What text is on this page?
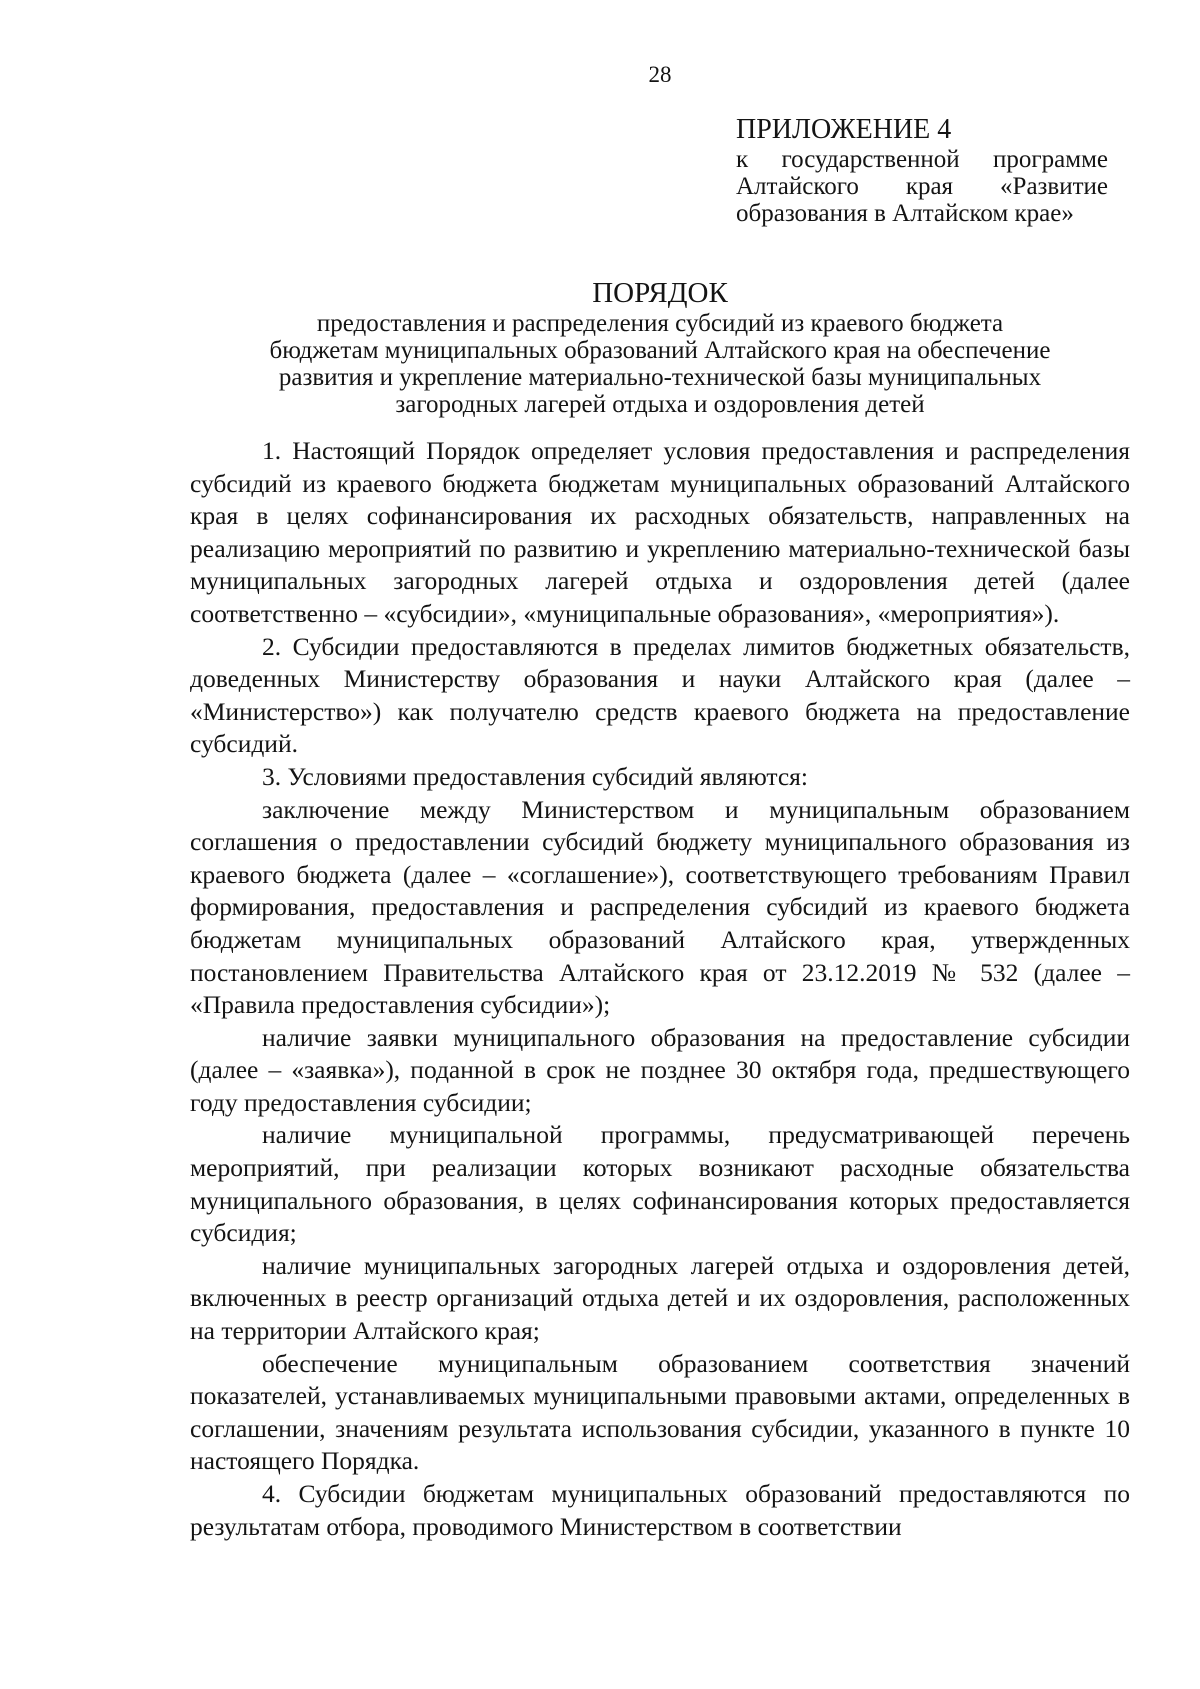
28
ПРИЛОЖЕНИЕ 4
к государственной программе
Алтайского края «Развитие
образования в Алтайском крае»
ПОРЯДОК
предоставления и распределения субсидий из краевого бюджета
бюджетам муниципальных образований Алтайского края на обеспечение
развития и укрепление материально-технической базы муниципальных
загородных лагерей отдыха и оздоровления детей

1. Настоящий Порядок определяет условия предоставления и распределения субсидий из краевого бюджета бюджетам муниципальных образований Алтайского края в целях софинансирования их расходных обязательств, направленных на реализацию мероприятий по развитию и укреплению материально-технической базы муниципальных загородных лагерей отдыха и оздоровления детей (далее соответственно – «субсидии», «муниципальные образования», «мероприятия»).

2. Субсидии предоставляются в пределах лимитов бюджетных обязательств, доведенных Министерству образования и науки Алтайского края (далее – «Министерство») как получателю средств краевого бюджета на предоставление субсидий.

3. Условиями предоставления субсидий являются:

заключение между Министерством и муниципальным образованием соглашения о предоставлении субсидий бюджету муниципального образования из краевого бюджета (далее – «соглашение»), соответствующего требованиям Правил формирования, предоставления и распределения субсидий из краевого бюджета бюджетам муниципальных образований Алтайского края, утвержденных постановлением Правительства Алтайского края от 23.12.2019 № 532 (далее – «Правила предоставления субсидии»);

наличие заявки муниципального образования на предоставление субсидии (далее – «заявка»), поданной в срок не позднее 30 октября года, предшествующего году предоставления субсидии;

наличие муниципальной программы, предусматривающей перечень мероприятий, при реализации которых возникают расходные обязательства муниципального образования, в целях софинансирования которых предоставляется субсидия;

наличие муниципальных загородных лагерей отдыха и оздоровления детей, включенных в реестр организаций отдыха детей и их оздоровления, расположенных на территории Алтайского края;

обеспечение муниципальным образованием соответствия значений показателей, устанавливаемых муниципальными правовыми актами, определенных в соглашении, значениям результата использования субсидии, указанного в пункте 10 настоящего Порядка.

4. Субсидии бюджетам муниципальных образований предоставляются по результатам отбора, проводимого Министерством в соответствии
